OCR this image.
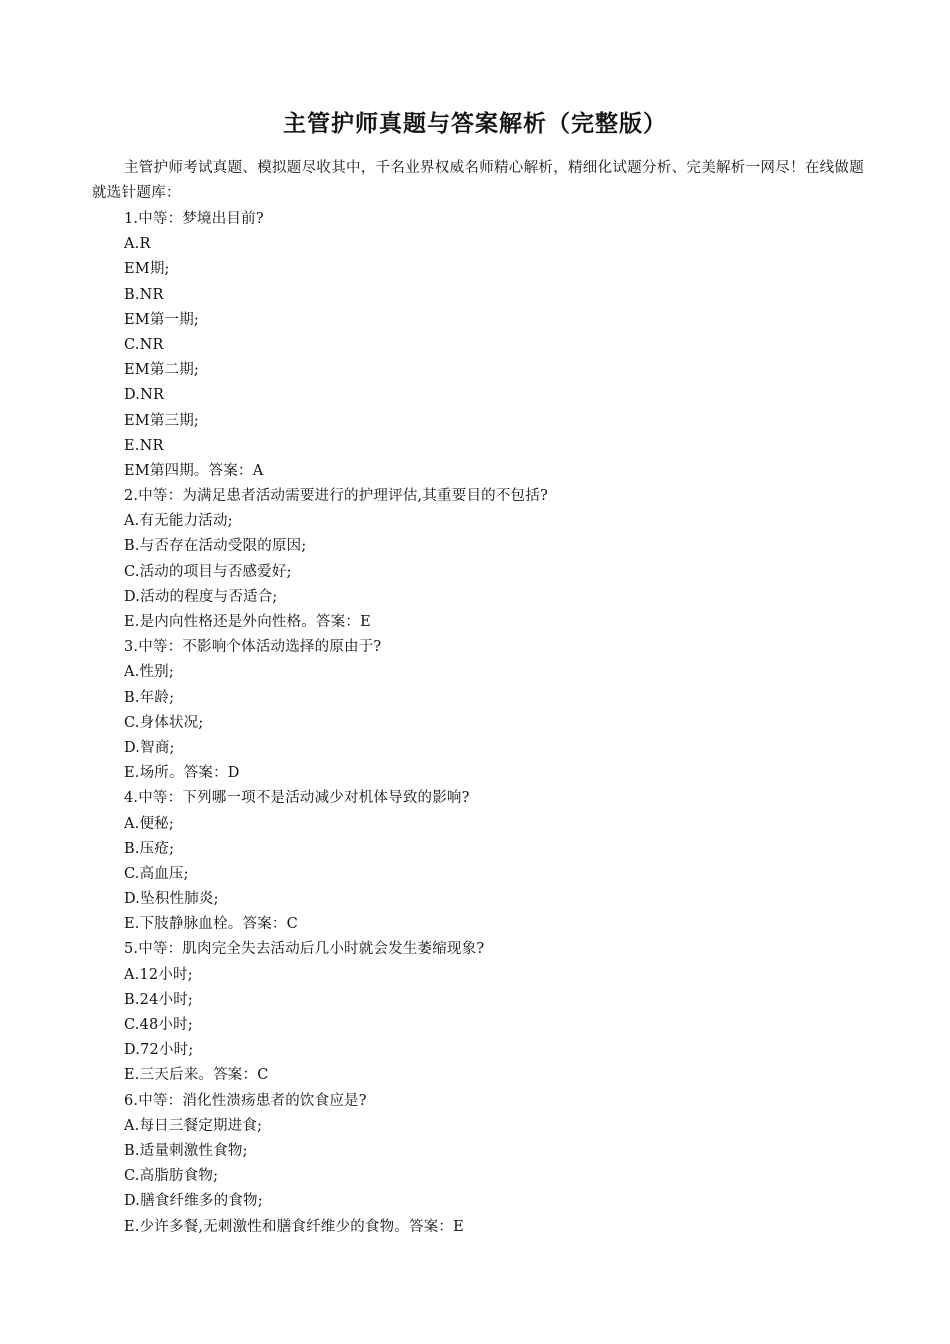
主管护师真题与答案解析（完整版）

主管护师考试真题、模拟题尽收其中，千名业界权威名师精心解析，精细化试题分析、完美解析一网尽！在线做题就选针题库：

1.中等：梦境出目前?
A.R
EM期;
B.NR
EM第一期;
C.NR
EM第二期;
D.NR
EM第三期;
E.NR
EM第四期。答案：A
2.中等：为满足患者活动需要进行的护理评估,其重要目的不包括?
A.有无能力活动;
B.与否存在活动受限的原因;
C.活动的项目与否感爱好;
D.活动的程度与否适合;
E.是内向性格还是外向性格。答案：E
3.中等：不影响个体活动选择的原由于?
A.性别;
B.年龄;
C.身体状况;
D.智商;
E.场所。答案：D
4.中等：下列哪一项不是活动减少对机体导致的影响?
A.便秘;
B.压疮;
C.高血压;
D.坠积性肺炎;
E.下肢静脉血栓。答案：C
5.中等：肌肉完全失去活动后几小时就会发生萎缩现象?
A.12小时;
B.24小时;
C.48小时;
D.72小时;
E.三天后来。答案：C
6.中等：消化性溃疡患者的饮食应是?
A.每日三餐定期进食;
B.适量刺激性食物;
C.高脂肪食物;
D.膳食纤维多的食物;
E.少许多餐,无刺激性和膳食纤维少的食物。答案：E
